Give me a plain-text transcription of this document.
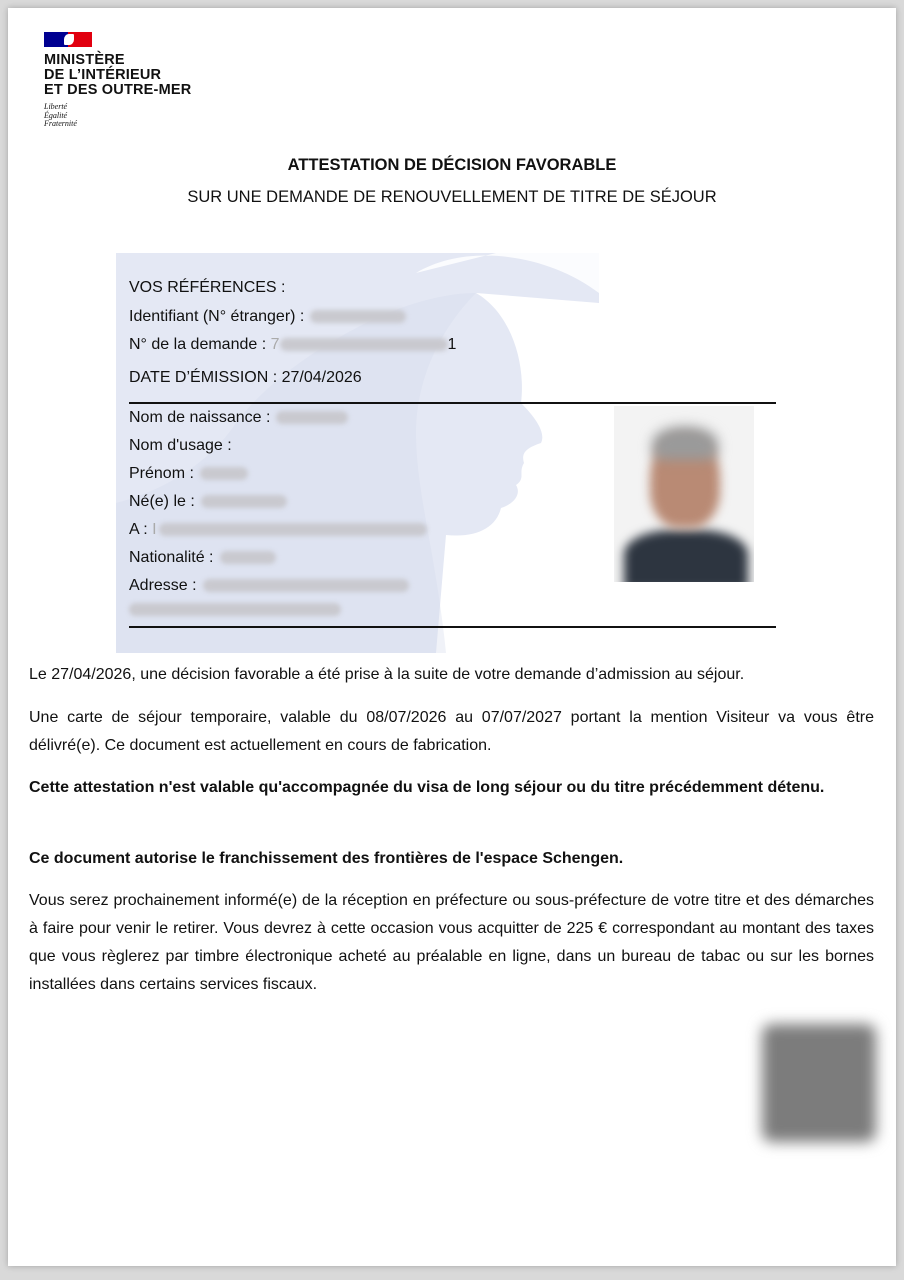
MINISTÈRE
DE L’INTÉRIEUR
ET DES OUTRE-MER
Liberté
Égalité
Fraternité
ATTESTATION DE DÉCISION FAVORABLE
SUR UNE DEMANDE DE RENOUVELLEMENT DE TITRE DE SÉJOUR
VOS RÉFÉRENCES :
Identifiant (N° étranger) :
N° de la demande : 7	1
DATE D’ÉMISSION : 27/04/2026
Nom de naissance :
Nom d'usage :
Prénom :
Né(e) le :
A : I
Nationalité :
Adresse :
Le 27/04/2026, une décision favorable a été prise à la suite de votre demande d’admission au séjour.
Une carte de séjour temporaire, valable du 08/07/2026 au 07/07/2027 portant la mention Visiteur va vous être délivré(e). Ce document est actuellement en cours de fabrication.
Cette attestation n'est valable qu'accompagnée du visa de long séjour ou du titre précédemment détenu.
Ce document autorise le franchissement des frontières de l'espace Schengen.
Vous serez prochainement informé(e) de la réception en préfecture ou sous-préfecture de votre titre et des démarches à faire pour venir le retirer. Vous devrez à cette occasion vous acquitter de 225 € correspondant au montant des taxes que vous règlerez par timbre électronique acheté au préalable en ligne, dans un bureau de tabac ou sur les bornes installées dans certains services fiscaux.
